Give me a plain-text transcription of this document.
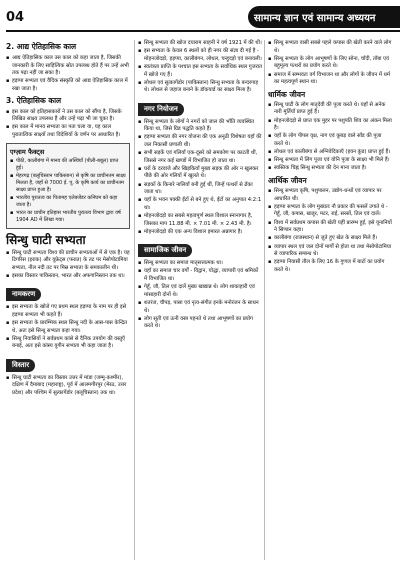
04	सामान्य ज्ञान एवं सामान्य अध्ययन
2. आद्य ऐतिहासिक काल
▪ आद्य ऐतिहासिक काल उस काल को कहा जाता है, जिसकी जानकारी के लिए साहित्यिक स्रोत उपलब्ध होते हैं पर उन्हें अभी तक पढ़ा नहीं जा सका है।
▪ हड़प्पा सभ्यता एवं वैदिक संस्कृति को आद्य ऐतिहासिक काल में रखा जाता है।
3. ऐतिहासिक काल
▪ इस काल को इतिहासकारों ने उस काल को सौंपा है, जिसके लिखित साक्ष्य उपलब्ध हैं और उन्हें पढ़ा भी जा चुका है।
▪ इस काल में मानव सभ्यता का पता चला या, यह काल पुरातात्विक साक्ष्यों तथा विदेशियों के वर्णन पर आधारित है।
एग्ज़ाम फैक्ट्स
▪ पीठी, कालीबंगा में मानव की अस्थियाँ (पीली-बबूल) प्राप्त हुई।
▪ मेहरगढ़ (बलूचिस्तान पाकिस्तान) से कृषि का प्राचीनतम साक्ष्य मिलता है, जहाँ से 7000 ई. पू. के कृषि कार्य का प्राचीनतम साक्ष्य प्राप्त हुआ है।
▪ भारतीय पुरातत्व का पितामह एलेक्जेंडर कनिंघम को कहा जाता है।
▪ भारत का प्राचीन इतिहास भारतीय पुरातत्व विभाग द्वारा वर्ष 1904 AD में लिखा गया।
सिन्धु घाटी सभ्यता
▪ सिन्धु घाटी सभ्यता विश्व की प्राचीन सभ्यताओं में से एक है। यह टिगरिस (इराक) और यूफ्रेट्स (फरात) के तट पर मेसोपोटामिया सभ्यता, नील नदी तट पर मिस्र सभ्यता के समकालीन थी।
▪ इसका विस्तार पाकिस्तान, भारत और अफगानिस्तान तक था।
नामकरण
▪ इस सभ्यता के खोजे गए प्रथम स्थल हड़प्पा के नाम पर ही इसे हड़प्पा सभ्यता भी कहते हैं।
▪ इस सभ्यता के प्रारम्भिक स्थल सिन्धु नदी के आस-पास केन्द्रित थे, अतः इसे सिन्धु सभ्यता कहा गया।
▪ सिन्धु निवासियों ने सर्वप्रथम कांसे से दैनिक उपयोग की वस्तुएँ बनाई, अतः इसे कांस्य युगीन सभ्यता भी कहा जाता है।
विस्तार
▪ सिन्धु घाटी सभ्यता का विस्तार उत्तर में मांडा (जम्मू-कश्मीर), दक्षिण में दैमाबाद (महाराष्ट्र), पूर्व में आलमगीरपुर (मेरठ, उत्तर प्रदेश) और पश्चिम में सुत्कागेंडोर (बलूचिस्तान) तक था।
▪ सिन्धु सभ्यता की खोज दयाराम साहनी ने वर्ष 1921 में की थी।
▪ इस सभ्यता के केवल 6 स्थलों को ही नगर की संज्ञा दी गई है - मोहनजोदड़ो, हड़प्पा, कालीबंगन, लोथल, चन्हूदड़ो एवं बनावली।
▪ स्वतंत्रता प्राप्ति के पश्चात इस सभ्यता के सर्वाधिक स्थल गुजरात में खोजे गए हैं।
▪ लोथल एवं सुत्कागेंडोर (पाकिस्तान) सिन्धु सभ्यता के बन्दरगाह थे। लोथल से जहाज बनाने के डॉकयार्ड का साक्ष्य मिला है।
नगर नियोजन
▪ सिन्धु सभ्यता के लोगों ने नगरों को जाल की भाँति व्यवस्थित किया था, जिसे ग्रिड पद्धति कहते हैं।
▪ हड़प्पा सभ्यता की नगर योजना की एक अनूठी विशेषता यहाँ की जल निकासी प्रणाली थी।
▪ सभी सड़कें एवं गलियाँ एक-दूसरे को समकोण पर काटती थीं, जिससे नगर कई खण्डों में विभाजित हो जाता था।
▪ घरों के दरवाजे और खिड़कियाँ मुख्य सड़क की ओर न खुलकर पीछे की ओर गलियों में खुलते थे।
▪ सड़कों के किनारे नालियाँ बनी हुई थीं, जिन्हें पत्थरों से ढँका जाता था।
▪ यहाँ के भवन पक्की ईंटों से बने हुए थे, ईंटों का अनुपात 4:2:1 था।
▪ मोहनजोदड़ो का सबसे महत्वपूर्ण स्थल विशाल स्नानागार है, जिसका माप 11.88 मी. × 7.01 मी. × 2.43 मी. है।
▪ मोहनजोदड़ो की एक अन्य विशाल इमारत अन्नागार है।
सामाजिक जीवन
▪ सिन्धु सभ्यता का समाज मातृसत्तात्मक था।
▪ यहाँ का समाज चार वर्गों - विद्वान, योद्धा, व्यापारी एवं श्रमिकों में विभाजित था।
▪ गेहूँ, जौ, तिल एवं दालें मुख्य खाद्यान्न थे। लोग शाकाहारी एवं मांसाहारी दोनों थे।
▪ शतरंज, चौपड़, पासा एवं नृत्य-संगीत इनके मनोरंजन के साधन थे।
▪ लोग सूती एवं ऊनी वस्त्र पहनते थे तथा आभूषणों का प्रयोग करते थे।
▪ सिन्धु सभ्यता वासी सबसे पहले कपास की खेती करने वाले लोग थे।
▪ सिन्धु सभ्यता के लोग आभूषणों के लिए सोना, चाँदी, ताँबा एवं बहुमूल्य पत्थरों का प्रयोग करते थे।
▪ समाज में सम्भवतः वर्ग विभाजन था और लोगों के जीवन में धर्म का महत्वपूर्ण स्थान था।
धार्मिक जीवन
▪ सिन्धु घाटी के लोग मातृदेवी की पूजा करते थे। यहाँ से अनेक नारी मूर्तियाँ प्राप्त हुई हैं।
▪ मोहनजोदड़ो से प्राप्त एक मुहर पर पशुपति शिव का अंकन मिला है।
▪ यहाँ के लोग पीपल वृक्ष, नाग एवं कूबड़ वाले साँड की पूजा करते थे।
▪ लोथल एवं कालीबंगा से अग्निवेदिकाएँ (हवन कुंड) प्राप्त हुई हैं।
▪ सिन्धु सभ्यता में लिंग पूजा एवं योनि पूजा के साक्ष्य भी मिले हैं।
▪ स्वस्तिक चिह्न सिन्धु सभ्यता की देन माना जाता है।
आर्थिक जीवन
▪ सिन्धु सभ्यता कृषि, पशुपालन, उद्योग-धन्धों एवं व्यापार पर आधारित थी।
▪ हड़प्पा सभ्यता के लोग मुख्यतः नौ प्रकार की फसलें उगाते थे - गेहूँ, जौ, कपास, खजूर, मटर, राई, सरसों, तिल एवं दालें।
▪ विश्व में सर्वप्रथम कपास की खेती यहीं प्रारम्भ हुई, इसे यूनानियों ने सिण्डन कहा।
▪ कालीबंगा (राजस्थान) से जुते हुए खेत के साक्ष्य मिले हैं।
▪ व्यापार स्थल एवं जल दोनों मार्गों से होता था तथा मेसोपोटामिया से व्यापारिक सम्बन्ध थे।
▪ हड़प्पा निवासी तौल के लिए 16 के गुणज में बाटों का प्रयोग करते थे।
